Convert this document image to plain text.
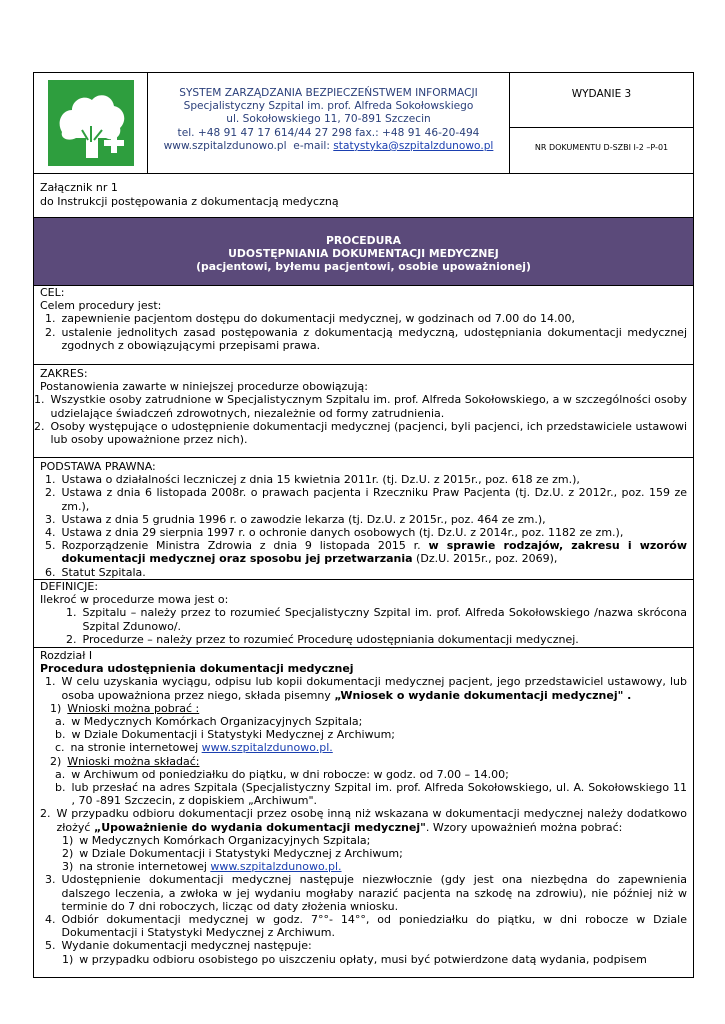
SYSTEM ZARZĄDZANIA BEZPIECZEŃSTWEM INFORMACJI
Specjalistyczny Szpital im. prof. Alfreda Sokołowskiego
ul. Sokołowskiego 11, 70-891 Szczecin
tel. +48 91 47 17 614/44 27 298 fax.: +48 91 46-20-494
www.szpitalzdunowo.pl e-mail: statystyka@szpitalzdunowo.pl
WYDANIE 3
NR DOKUMENTU D-SZBI I-2 –P-01
Załącznik nr 1
do Instrukcji postępowania z dokumentacją medyczną
PROCEDURA
UDOSTĘPNIANIA DOKUMENTACJI MEDYCZNEJ
(pacjentowi, byłemu pacjentowi, osobie upoważnionej)

CEL:

Celem procedury jest:

1. zapewnienie pacjentom dostępu do dokumentacji medycznej, w godzinach od 7.00 do 14.00,
2. ustalenie jednolitych zasad postępowania z dokumentacją medyczną, udostępniania dokumentacji medycznej zgodnych z obowiązującymi przepisami prawa.

ZAKRES:

Postanowienia zawarte w niniejszej procedurze obowiązują:

1. Wszystkie osoby zatrudnione w Specjalistycznym Szpitalu im. prof. Alfreda Sokołowskiego, a w szczególności osoby udzielające świadczeń zdrowotnych, niezależnie od formy zatrudnienia.
2. Osoby występujące o udostępnienie dokumentacji medycznej (pacjenci, byli pacjenci, ich przedstawiciele ustawowi lub osoby upoważnione przez nich).

PODSTAWA PRAWNA:

1. Ustawa o działalności leczniczej z dnia 15 kwietnia 2011r. (tj. Dz.U. z 2015r., poz. 618 ze zm.),
2. Ustawa z dnia 6 listopada 2008r. o prawach pacjenta i Rzeczniku Praw Pacjenta (tj. Dz.U. z 2012r., poz. 159 ze zm.),
3. Ustawa z dnia 5 grudnia 1996 r. o zawodzie lekarza (tj. Dz.U. z 2015r., poz. 464 ze zm.),
4. Ustawa z dnia 29 sierpnia 1997 r. o ochronie danych osobowych (tj. Dz.U. z 2014r., poz. 1182 ze zm.),
5. Rozporządzenie Ministra Zdrowia z dnia 9 listopada 2015 r. w sprawie rodzajów, zakresu i wzorów dokumentacji medycznej oraz sposobu jej przetwarzania (Dz.U. 2015r., poz. 2069),
6. Statut Szpitala.

DEFINICJE:

Ilekroć w procedurze mowa jest o:

1. Szpitalu – należy przez to rozumieć Specjalistyczny Szpital im. prof. Alfreda Sokołowskiego /nazwa skrócona Szpital Zdunowo/.
2. Procedurze – należy przez to rozumieć Procedurę udostępniania dokumentacji medycznej.

Rozdział I

Procedura udostępnienia dokumentacji medycznej

1. W celu uzyskania wyciągu, odpisu lub kopii dokumentacji medycznej pacjent, jego przedstawiciel ustawowy, lub osoba upoważniona przez niego, składa pisemny „Wniosek o wydanie dokumentacji medycznej" .
1) Wnioski można pobrać :
a. w Medycznych Komórkach Organizacyjnych Szpitala;
b. w Dziale Dokumentacji i Statystyki Medycznej z Archiwum;
c. na stronie internetowej www.szpitalzdunowo.pl.
2) Wnioski można składać:
a. w Archiwum od poniedziałku do piątku, w dni robocze: w godz. od 7.00 – 14.00;
b. lub przesłać na adres Szpitala (Specjalistyczny Szpital im. prof. Alfreda Sokołowskiego, ul. A. Sokołowskiego 11 , 70 -891 Szczecin, z dopiskiem „Archiwum".
2. W przypadku odbioru dokumentacji przez osobę inną niż wskazana w dokumentacji medycznej należy dodatkowo złożyć „Upoważnienie do wydania dokumentacji medycznej". Wzory upoważnień można pobrać:
1) w Medycznych Komórkach Organizacyjnych Szpitala;
2) w Dziale Dokumentacji i Statystyki Medycznej z Archiwum;
3) na stronie internetowej www.szpitalzdunowo.pl.
3. Udostępnienie dokumentacji medycznej następuje niezwłocznie (gdy jest ona niezbędna do zapewnienia dalszego leczenia, a zwłoka w jej wydaniu mogłaby narazić pacjenta na szkodę na zdrowiu), nie później niż w terminie do 7 dni roboczych, licząc od daty złożenia wniosku.
4. Odbiór dokumentacji medycznej w godz. 7°°- 14°°, od poniedziałku do piątku, w dni robocze w Dziale Dokumentacji i Statystyki Medycznej z Archiwum.
5. Wydanie dokumentacji medycznej następuje:
1) w przypadku odbioru osobistego po uiszczeniu opłaty, musi być potwierdzone datą wydania, podpisem
